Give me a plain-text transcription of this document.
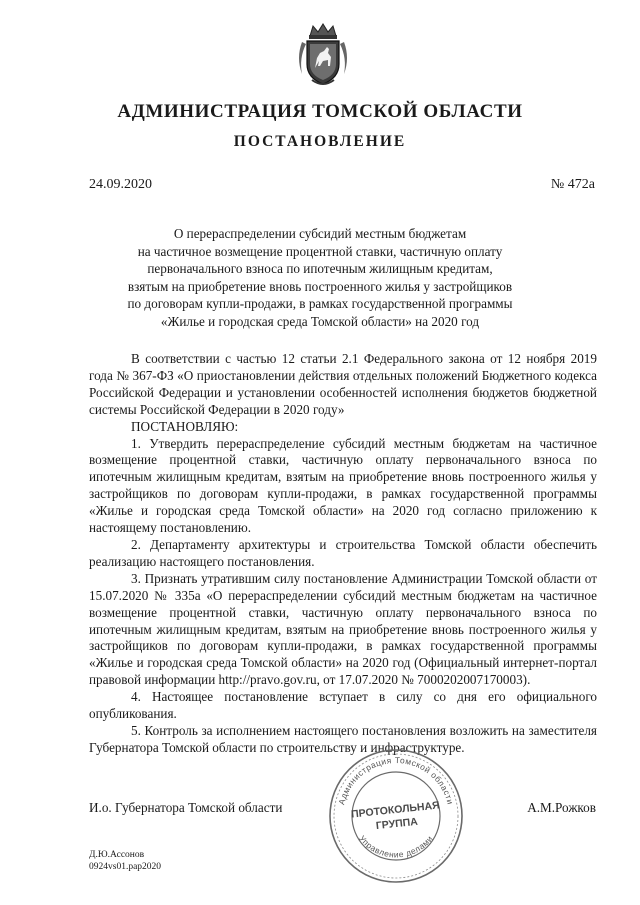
АДМИНИСТРАЦИЯ ТОМСКОЙ ОБЛАСТИ
ПОСТАНОВЛЕНИЕ
24.09.2020	№ 472а
О перераспределении субсидий местным бюджетам
на частичное возмещение процентной ставки, частичную оплату
первоначального взноса по ипотечным жилищным кредитам,
взятым на приобретение вновь построенного жилья у застройщиков
по договорам купли-продажи, в рамках государственной программы
«Жилье и городская среда Томской области» на 2020 год

В соответствии с частью 12 статьи 2.1 Федерального закона от 12 ноября 2019 года № 367-ФЗ «О приостановлении действия отдельных положений Бюджетного кодекса Российской Федерации и установлении особенностей исполнения бюджетов бюджетной системы Российской Федерации в 2020 году»

ПОСТАНОВЛЯЮ:

1. Утвердить перераспределение субсидий местным бюджетам на частичное возмещение процентной ставки, частичную оплату первоначального взноса по ипотечным жилищным кредитам, взятым на приобретение вновь построенного жилья у застройщиков по договорам купли-продажи, в рамках государственной программы «Жилье и городская среда Томской области» на 2020 год согласно приложению к настоящему постановлению.

2. Департаменту архитектуры и строительства Томской области обеспечить реализацию настоящего постановления.

3. Признать утратившим силу постановление Администрации Томской области от 15.07.2020 № 335а «О перераспределении субсидий местным бюджетам на частичное возмещение процентной ставки, частичную оплату первоначального взноса по ипотечным жилищным кредитам, взятым на приобретение вновь построенного жилья у застройщиков по договорам купли-продажи, в рамках государственной программы «Жилье и городская среда Томской области» на 2020 год (Официальный интернет-портал правовой информации http://pravo.gov.ru, от 17.07.2020 № 7000202007170003).

4. Настоящее постановление вступает в силу со дня его официального опубликования.

5. Контроль за исполнением настоящего постановления возложить на заместителя Губернатора Томской области по строительству и инфраструктуре.

И.о. Губернатора Томской области	А.М.Рожков
Администрация Томской области
Управление делами
ПРОТОКОЛЬНАЯ
ГРУППА
Д.Ю.Ассонов
0924vs01.рар2020
